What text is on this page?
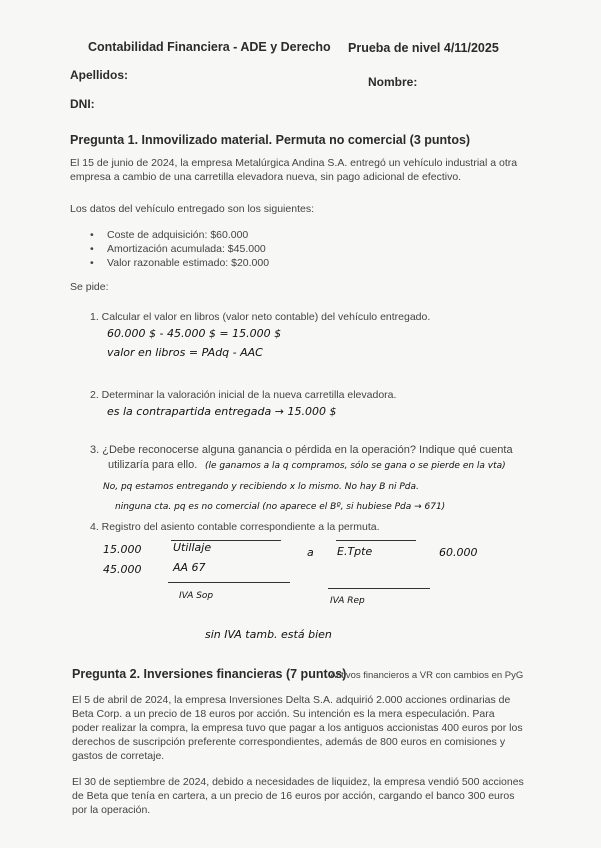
Contabilidad Financiera - ADE y Derecho Prueba de nivel 4/11/2025
Apellidos:	Nombre:
DNI:
Pregunta 1. Inmovilizado material. Permuta no comercial (3 puntos)
El 15 de junio de 2024, la empresa Metalúrgica Andina S.A. entregó un vehículo industrial a otra
empresa a cambio de una carretilla elevadora nueva, sin pago adicional de efectivo.
Los datos del vehículo entregado son los siguientes:
• Coste de adquisición: $60.000
• Amortización acumulada: $45.000
• Valor razonable estimado: $20.000
Se pide:
1. Calcular el valor en libros (valor neto contable) del vehículo entregado.
60.000 $ - 45.000 $ = 15.000 $
valor en libros = PAdq - AAC
2. Determinar la valoración inicial de la nueva carretilla elevadora.
es la contrapartida entregada → 15.000 $
3. ¿Debe reconocerse alguna ganancia o pérdida en la operación? Indique qué cuenta
utilizaría para ello. (le ganamos a la q compramos, sólo se gana o se pierde en la vta)
No, pq estamos entregando y recibiendo x lo mismo. No hay B ni Pda.
ninguna cta. pq es no comercial (no aparece el Bº, si hubiese Pda → 671)
4. Registro del asiento contable correspondiente a la permuta.
15.000	Utillaje	a E.Tpte	60.000
45.000	AA 67
IVA Sop	IVA Rep
sin IVA tamb. está bien
Pregunta 2. Inversiones financieras (7 puntos)
Activos financieros a VR con cambios en PyG
El 5 de abril de 2024, la empresa Inversiones Delta S.A. adquirió 2.000 acciones ordinarias de Beta Corp. a un precio de 18 euros por acción. Su intención es la mera especulación. Para poder realizar la compra, la empresa tuvo que pagar a los antiguos accionistas 400 euros por los derechos de suscripción preferente correspondientes, además de 800 euros en comisiones y gastos de corretaje.
El 30 de septiembre de 2024, debido a necesidades de liquidez, la empresa vendió 500 acciones de Beta que tenía en cartera, a un precio de 16 euros por acción, cargando el banco 300 euros por la operación.
